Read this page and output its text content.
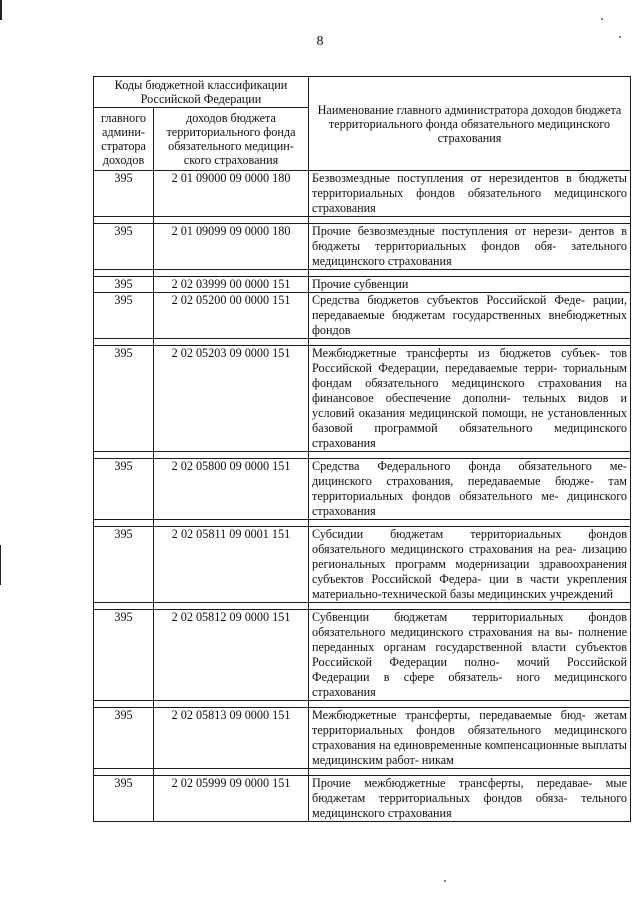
8
Коды бюджетной классификации Российской Федерации		Наименование главного администратора доходов бюджета территориального фонда обязательного медицинского страхования
главного админи- стратора доходов	доходов бюджета территориального фонда обязательного медицин- ского страхования	
395	2 01 09000 09 0000 180	Безвозмездные поступления от нерезидентов в бюджеты территориальных фондов обязательного медицинского страхования

395	2 01 09099 09 0000 180	Прочие безвозмездные поступления от нерези- дентов в бюджеты территориальных фондов обя- зательного медицинского страхования

395	2 02 03999 00 0000 151	Прочие субвенции
395	2 02 05200 00 0000 151	Средства бюджетов субъектов Российской Феде- рации, передаваемые бюджетам государственных внебюджетных фондов

395	2 02 05203 09 0000 151	Межбюджетные трансферты из бюджетов субъек- тов Российской Федерации, передаваемые терри- ториальным фондам обязательного медицинского страхования на финансовое обеспечение дополни- тельных видов и условий оказания медицинской помощи, не установленных базовой программой обязательного медицинского страхования

395	2 02 05800 09 0000 151	Средства Федерального фонда обязательного ме- дицинского страхования, передаваемые бюдже- там территориальных фондов обязательного ме- дицинского страхования

395	2 02 05811 09 0001 151	Субсидии бюджетам территориальных фондов обязательного медицинского страхования на реа- лизацию региональных программ модернизации здравоохранения субъектов Российской Федера- ции в части укрепления материально-технической базы медицинских учреждений

395	2 02 05812 09 0000 151	Субвенции бюджетам территориальных фондов обязательного медицинского страхования на вы- полнение переданных органам государственной власти субъектов Российской Федерации полно- мочий Российской Федерации в сфере обязатель- ного медицинского страхования

395	2 02 05813 09 0000 151	Межбюджетные трансферты, передаваемые бюд- жетам территориальных фондов обязательного медицинского страхования на единовременные компенсационные выплаты медицинским работ- никам

395	2 02 05999 09 0000 151	Прочие межбюджетные трансферты, передавае- мые бюджетам территориальных фондов обяза- тельного медицинского страхования
